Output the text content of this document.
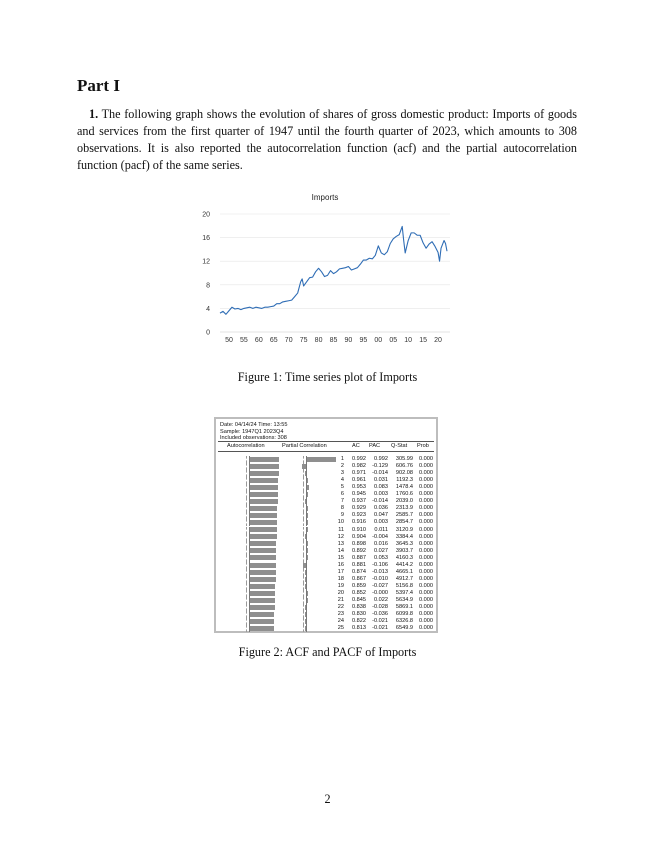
Part I
1. The following graph shows the evolution of shares of gross domestic product: Imports of goods and services from the first quarter of 1947 until the fourth quarter of 2023, which amounts to 308 observations. It is also reported the autocorrelation function (acf) and the partial autocorrelation function (pacf) of the same series.
Imports
0
4
8
12
16
20
50 55 60 65 70 75 80 85 90 95 00 05 10 15 20
Figure 1: Time series plot of Imports
Date: 04/14/24 Time: 13:55
Sample: 1947Q1 2023Q4
Included observations: 308
Autocorrelation	Partial Correlation	AC PAC Q-Stat Prob
1	0.992	0.992	305.99	0.000
2	0.982	-0.129	606.76	0.000
3	0.971	-0.014	902.08	0.000
4	0.961	0.031	1192.3	0.000
5	0.953	0.083	1478.4	0.000
6	0.945	0.003	1760.6	0.000
7	0.937	-0.014	2039.0	0.000
8	0.929	0.036	2313.9	0.000
9	0.923	0.047	2585.7	0.000
10	0.916	0.003	2854.7	0.000
11	0.910	0.011	3120.9	0.000
12	0.904	-0.004	3384.4	0.000
13	0.898	0.016	3645.3	0.000
14	0.892	0.027	3903.7	0.000
15	0.887	0.053	4160.3	0.000
16	0.881	-0.106	4414.2	0.000
17	0.874	-0.013	4665.1	0.000
18	0.867	-0.010	4912.7	0.000
19	0.859	-0.027	5156.8	0.000
20	0.852	-0.000	5397.4	0.000
21	0.845	0.022	5634.9	0.000
22	0.838	-0.028	5869.1	0.000
23	0.830	-0.036	6099.8	0.000
24	0.822	-0.021	6326.8	0.000
25	0.813	-0.021	6549.9	0.000
Figure 2: ACF and PACF of Imports
2
